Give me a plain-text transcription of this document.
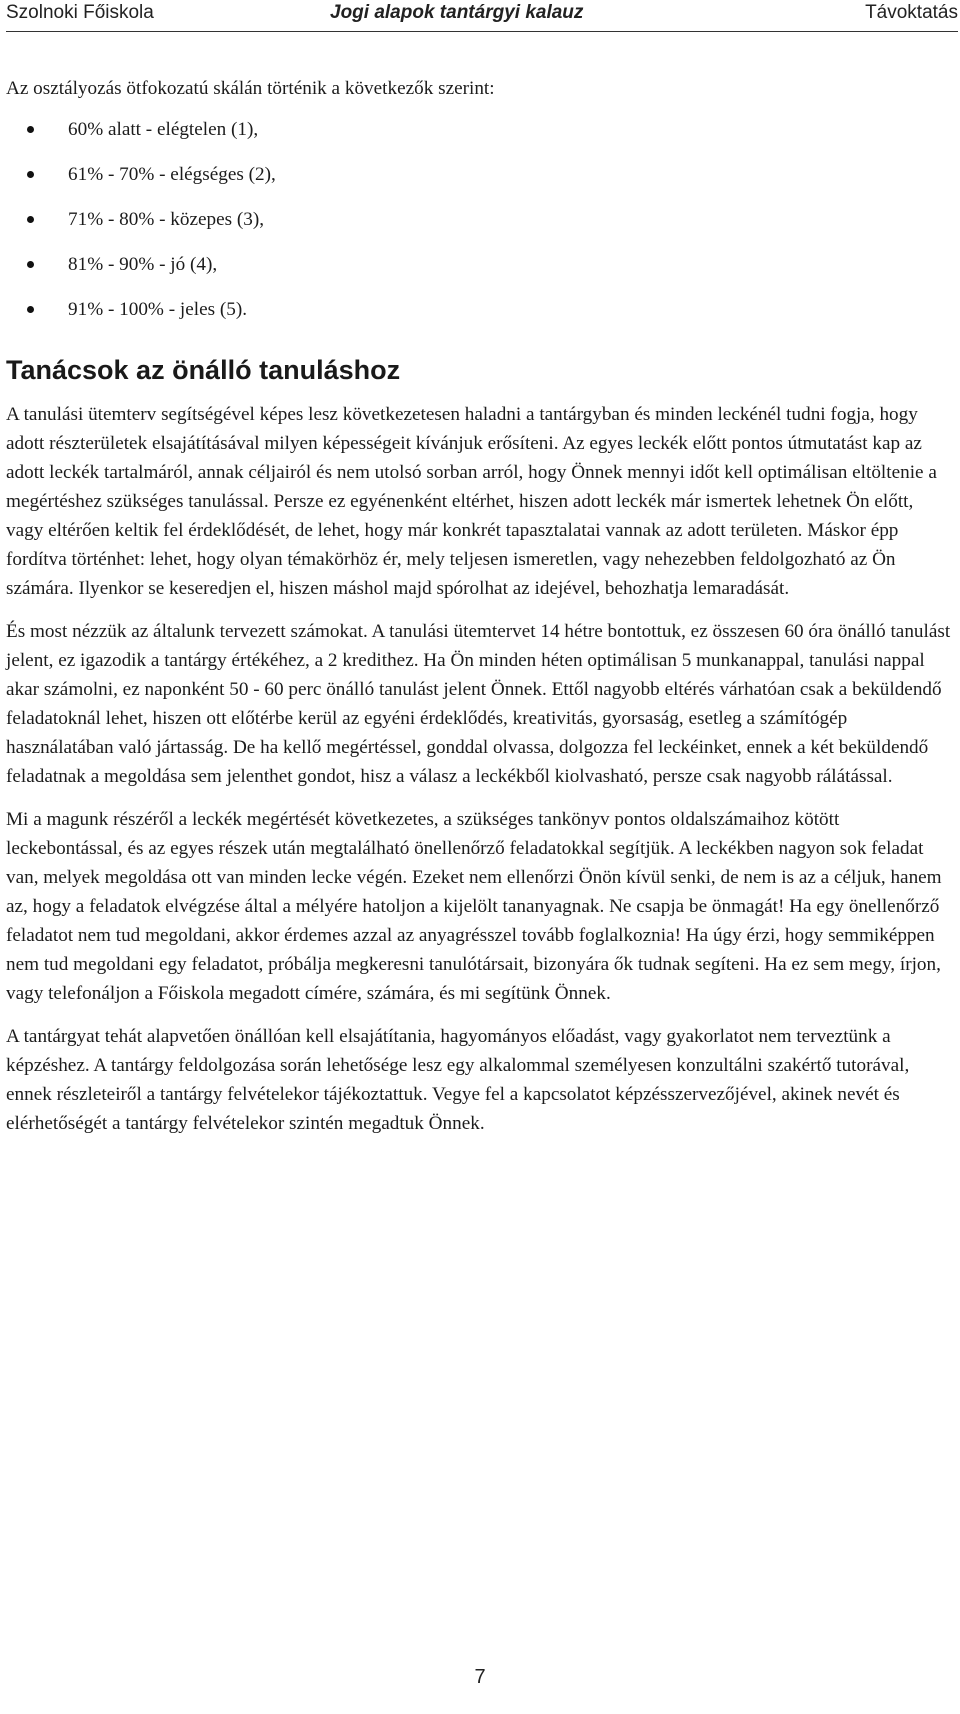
Szolnoki Főiskola	Jogi alapok tantárgyi kalauz	Távoktatás

Az osztályozás ötfokozatú skálán történik a következők szerint:

60% alatt - elégtelen (1),
61% - 70% - elégséges (2),
71% - 80% - közepes (3),
81% - 90% - jó (4),
91% - 100% - jeles (5).
Tanácsok az önálló tanuláshoz

A tanulási ütemterv segítségével képes lesz következetesen haladni a tantárgyban és minden leckénél tudni fogja, hogy adott részterületek elsajátításával milyen képességeit kívánjuk erősíteni. Az egyes leckék előtt pontos útmutatást kap az adott leckék tartalmáról, annak céljairól és nem utolsó sorban arról, hogy Önnek mennyi időt kell optimálisan eltöltenie a megértéshez szükséges tanulással. Persze ez egyénenként eltérhet, hiszen adott leckék már ismertek lehetnek Ön előtt, vagy eltérően keltik fel érdeklődését, de lehet, hogy már konkrét tapasztalatai vannak az adott területen. Máskor épp fordítva történhet: lehet, hogy olyan témakörhöz ér, mely teljesen ismeretlen, vagy nehezebben feldolgozható az Ön számára. Ilyenkor se keseredjen el, hiszen máshol majd spórolhat az idejével, behozhatja lemaradását.

És most nézzük az általunk tervezett számokat. A tanulási ütemtervet 14 hétre bontottuk, ez összesen 60 óra önálló tanulást jelent, ez igazodik a tantárgy értékéhez, a 2 kredithez. Ha Ön minden héten optimálisan 5 munkanappal, tanulási nappal akar számolni, ez naponként 50 - 60 perc önálló tanulást jelent Önnek. Ettől nagyobb eltérés várhatóan csak a beküldendő feladatoknál lehet, hiszen ott előtérbe kerül az egyéni érdeklődés, kreativitás, gyorsaság, esetleg a számítógép használatában való jártasság. De ha kellő megértéssel, gonddal olvassa, dolgozza fel leckéinket, ennek a két beküldendő feladatnak a megoldása sem jelenthet gondot, hisz a válasz a leckékből kiolvasható, persze csak nagyobb rálátással.

Mi a magunk részéről a leckék megértését következetes, a szükséges tankönyv pontos oldalszámaihoz kötött leckebontással, és az egyes részek után megtalálható önellenőrző feladatokkal segítjük. A leckékben nagyon sok feladat van, melyek megoldása ott van minden lecke végén. Ezeket nem ellenőrzi Önön kívül senki, de nem is az a céljuk, hanem az, hogy a feladatok elvégzése által a mélyére hatoljon a kijelölt tananyagnak. Ne csapja be önmagát! Ha egy önellenőrző feladatot nem tud megoldani, akkor érdemes azzal az anyagrésszel tovább foglalkoznia! Ha úgy érzi, hogy semmiképpen nem tud megoldani egy feladatot, próbálja megkeresni tanulótársait, bizonyára ők tudnak segíteni. Ha ez sem megy, írjon, vagy telefonáljon a Főiskola megadott címére, számára, és mi segítünk Önnek.

A tantárgyat tehát alapvetően önállóan kell elsajátítania, hagyományos előadást, vagy gyakorlatot nem terveztünk a képzéshez. A tantárgy feldolgozása során lehetősége lesz egy alkalommal személyesen konzultálni szakértő tutorával, ennek részleteiről a tantárgy felvételekor tájékoztattuk. Vegye fel a kapcsolatot képzésszervezőjével, akinek nevét és elérhetőségét a tantárgy felvételekor szintén megadtuk Önnek.

7
